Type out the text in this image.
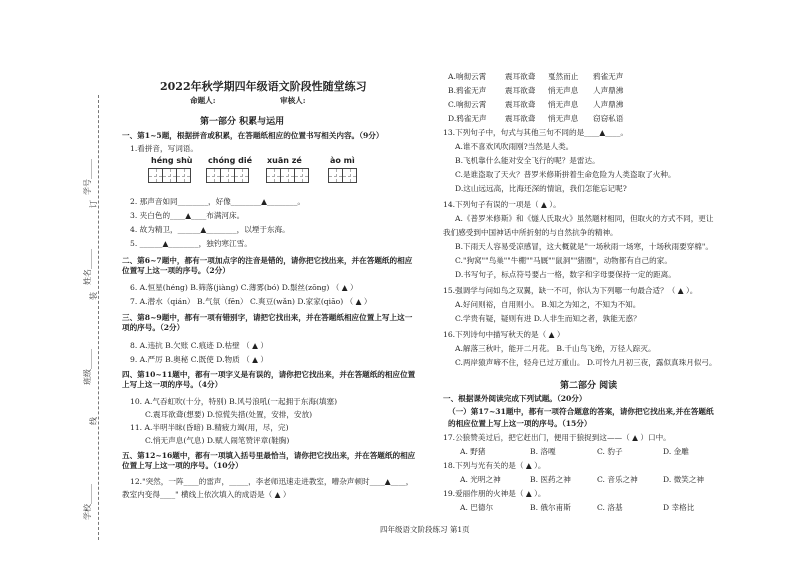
装
订
线
学校_____
班级_____
姓名_____
学号_____
2022年秋学期四年级语文阶段性随堂练习
命题人:	审核人:
第一部分 积累与运用
一、第1~5题，根据拼音或积累，在答题纸相应的位置书写相关内容。（9分）
1.看拼音，写词语。
héng shù chóng dié xuān zé	ào mì
2. 那声音如同________，好像________▲________。
3. 夹白色的____▲____布满河床。
4. 故为精卫，______▲________，以堙于东海。
5. ______▲________，独钓寒江雪。
二、第6~7题中，都有一项加点字的注音是错的，请你把它找出来，并在答题纸的相应位置写上这一项的序号。（2分）
6. A.恒星(héng) B.筛落(jiàng) C.薄雾(bó) D.鬃丝(zōng) （ ▲ ）
7. A.潜水（qián） B.气氛（fēn） C.爽豆(wǎn) D.家家(qiāo) （ ▲ ）
三、第8~9题中，都有一项有错别字，请把它找出来，并在答题纸相应位置上写上这一项的序号。（2分）
8. A.违抗 B.欠账 C.痕迹 D.枯壁 （ ▲ ）
9. A.严厉 B.奥秘 C.既使 D.物质 （ ▲ ）
四、第10~11题中，都有一项字义是有误的，请你把它找出来，并在答题纸的相应位置上写上这一项的序号。（4分）
10. A.气吞虹吹(十分，特别) B.风号浪吼(一起拥于东海(填塞)
C.震耳欲聋(想要) D.惊慌失措(处置，安排，安放)
11. A.半明半昧(昏暗) B.精疲力竭(用，尽，完)
C.悄无声息(气息) D.赋人闹笔赞评章(鞋胸)
五、第12~16题中，都有一项填入括号里最恰当，请你把它找出来，并在答题纸的相应位置上写上这一项的序号。（10分）
12."突然，一阵____的雷声，_____，李老师迅速走进教室，嘈杂声顿时____▲____，
教室内变得____" 横线上依次填入的成语是（ ▲ ）
A.响彻云霄 震耳欲聋 戛然而止 鸦雀无声
B.鸦雀无声 震耳欲聋 悄无声息 人声鼎沸
C.响彻云霄 震耳欲聋 悄无声息 人声鼎沸
D.鸦雀无声 震耳欲聋 悄无声息 窃窃私语
13.下列句子中，句式与其他三句不同的是____▲____。
A.谁不喜欢风吹雨刚?当然是人类。
B.飞机靠什么能对安全飞行的呢？是雷达。
C.是谁盗取了天火？普罗米修斯拼着生命危险为人类盗取了火种。
D.这山远远高，比海还深的情谊，我们怎能忘记呢?
14.下列句子有误的一项是（ ▲ ）。
A.《普罗米修斯》和《燧人氏取火》虽然题材相同，但取火的方式不同，更让
我们感受到中国神话中所折射的与自然抗争的精神。
B.下雨天人容易受凉感冒，这大概就是"一场秋雨一场寒，十场秋雨要穿棉"。
C."狗窝""鸟巢""牛棚""马厩""鼠洞""猪圈"，动物都有自己的家。
D.书写句子，标点符号要占一格，数字和字母要保持一定的距离。
15.强调学与问如鸟之双翼，缺一不可，你认为下列哪一句最合适？（ ▲ ）。
A.好问则裕，自用则小。 B.知之为知之，不知为不知。
C.学贵有疑，疑则有进 D.人非生而知之者，孰能无惑？
16.下列诗句中描写秋天的是（ ▲ ）
A.解落三秋叶，能开二月花。 B.千山鸟飞绝，万径人踪灭。
C.两岸猿声啼不住，轻舟已过万重山。 D.可怜九月初三夜，露似真珠月似弓。
第二部分 阅读
一、根据课外阅读完成下列试题。（20分）
（一）第17~31题中，都有一项符合题意的答案，请你把它找出来,并在答题纸
的相应位置上写上这一项的序号。（15分）
17.公狼赞美过后，把它赶出门，便用于狼捉到这——（ ▲ ）口中。
A. 野猪	B. 洛嘎	C. 豹子	D. 金雕
18.下列与光有关的是（ ▲ ）。
A. 光明之神	B. 医药之神	C. 音乐之神	D. 微笑之神
19.爱丽作朋的火神是（ ▲ ）。
A. 巴德尔	B. 俄尔甫斯	C. 洛基	D 幸格比
四年级语文阶段练习 第1页
